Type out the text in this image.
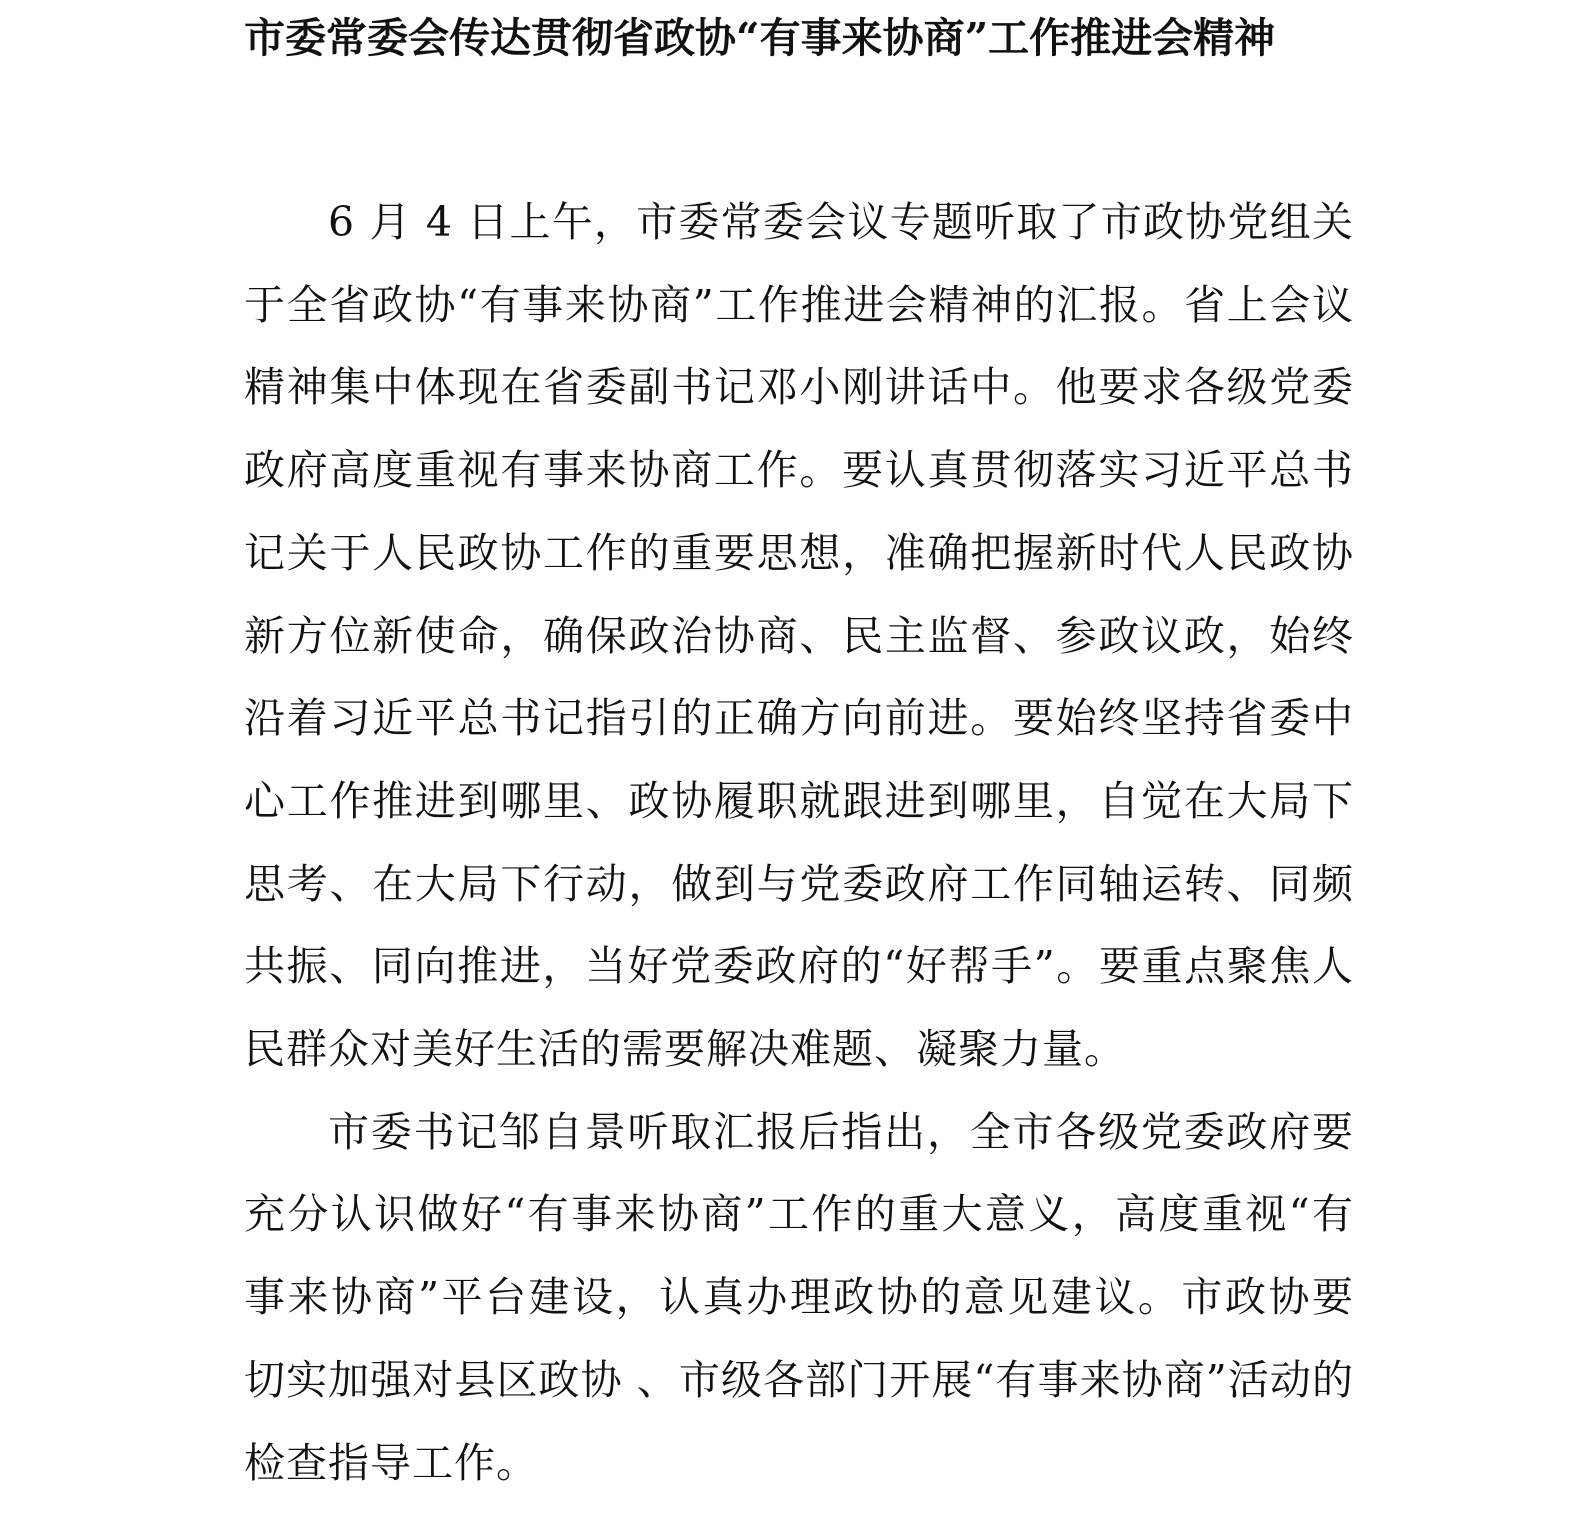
市委常委会传达贯彻省政协“有事来协商”工作推进会精神

6 月 4 日上午，市委常委会议专题听取了市政协党组关于全省政协“有事来协商”工作推进会精神的汇报。省上会议精神集中体现在省委副书记邓小刚讲话中。他要求各级党委政府高度重视有事来协商工作。要认真贯彻落实习近平总书记关于人民政协工作的重要思想，准确把握新时代人民政协新方位新使命，确保政治协商、民主监督、参政议政，始终沿着习近平总书记指引的正确方向前进。要始终坚持省委中心工作推进到哪里、政协履职就跟进到哪里，自觉在大局下思考、在大局下行动，做到与党委政府工作同轴运转、同频共振、同向推进，当好党委政府的“好帮手”。要重点聚焦人民群众对美好生活的需要解决难题、凝聚力量。

市委书记邹自景听取汇报后指出，全市各级党委政府要充分认识做好“有事来协商”工作的重大意义，高度重视“有事来协商”平台建设，认真办理政协的意见建议。市政协要切实加强对县区政协 、市级各部门开展“有事来协商”活动的检查指导工作。
